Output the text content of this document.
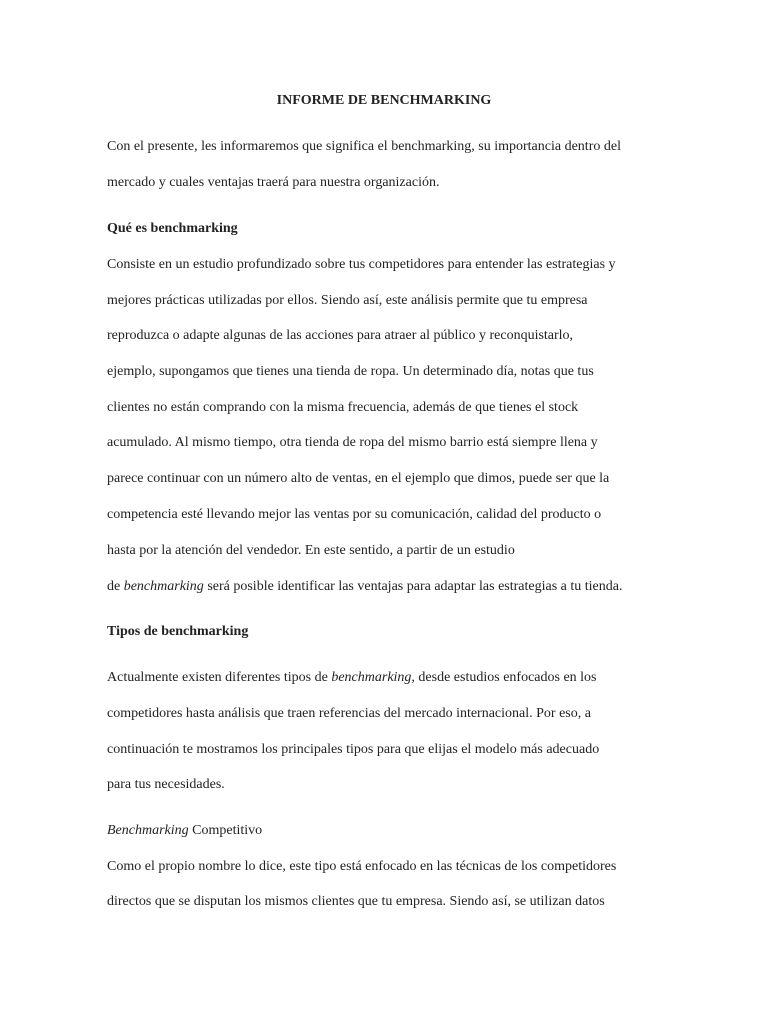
INFORME DE BENCHMARKING
Con el presente, les informaremos que significa el benchmarking, su importancia dentro del
mercado y cuales ventajas traerá para nuestra organización.
Qué es benchmarking
Consiste en un estudio profundizado sobre tus competidores para entender las estrategias y
mejores prácticas utilizadas por ellos. Siendo así, este análisis permite que tu empresa
reproduzca o adapte algunas de las acciones para atraer al público y reconquistarlo,
ejemplo, supongamos que tienes una tienda de ropa. Un determinado día, notas que tus
clientes no están comprando con la misma frecuencia, además de que tienes el stock
acumulado. Al mismo tiempo, otra tienda de ropa del mismo barrio está siempre llena y
parece continuar con un número alto de ventas, en el ejemplo que dimos, puede ser que la
competencia esté llevando mejor las ventas por su comunicación, calidad del producto o
hasta por la atención del vendedor. En este sentido, a partir de un estudio
de benchmarking será posible identificar las ventajas para adaptar las estrategias a tu tienda.
Tipos de benchmarking
Actualmente existen diferentes tipos de benchmarking, desde estudios enfocados en los
competidores hasta análisis que traen referencias del mercado internacional. Por eso, a
continuación te mostramos los principales tipos para que elijas el modelo más adecuado
para tus necesidades.
Benchmarking Competitivo
Como el propio nombre lo dice, este tipo está enfocado en las técnicas de los competidores
directos que se disputan los mismos clientes que tu empresa. Siendo así, se utilizan datos
